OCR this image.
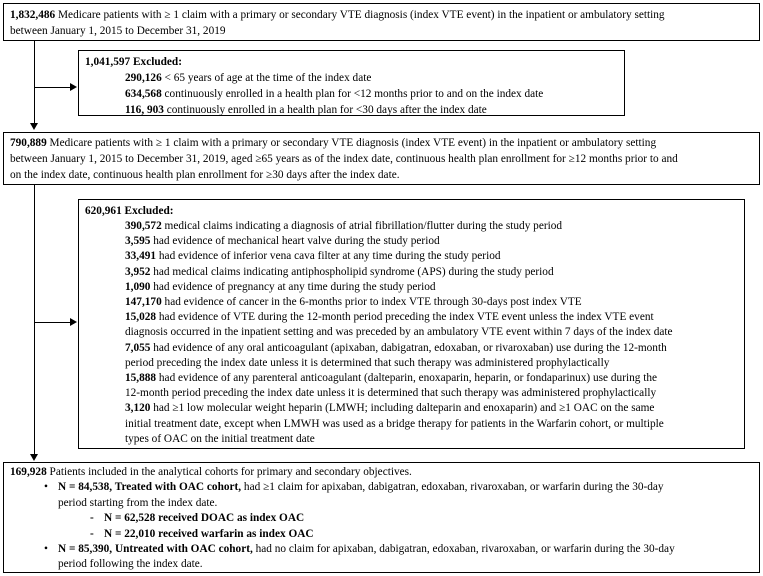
1,832,486 Medicare patients with ≥ 1 claim with a primary or secondary VTE diagnosis (index VTE event) in the inpatient or ambulatory setting
between January 1, 2015 to December 31, 2019
1,041,597 Excluded:
290,126 < 65 years of age at the time of the index date
634,568 continuously enrolled in a health plan for <12 months prior to and on the index date
116, 903 continuously enrolled in a health plan for <30 days after the index date
790,889 Medicare patients with ≥ 1 claim with a primary or secondary VTE diagnosis (index VTE event) in the inpatient or ambulatory setting
between January 1, 2015 to December 31, 2019, aged ≥65 years as of the index date, continuous health plan enrollment for ≥12 months prior to and
on the index date, continuous health plan enrollment for ≥30 days after the index date.
620,961 Excluded:
390,572 medical claims indicating a diagnosis of atrial fibrillation/flutter during the study period
3,595 had evidence of mechanical heart valve during the study period
33,491 had evidence of inferior vena cava filter at any time during the study period
3,952 had medical claims indicating antiphospholipid syndrome (APS) during the study period
1,090 had evidence of pregnancy at any time during the study period
147,170 had evidence of cancer in the 6-months prior to index VTE through 30-days post index VTE
15,028 had evidence of VTE during the 12-month period preceding the index VTE event unless the index VTE event
diagnosis occurred in the inpatient setting and was preceded by an ambulatory VTE event within 7 days of the index date
7,055 had evidence of any oral anticoagulant (apixaban, dabigatran, edoxaban, or rivaroxaban) use during the 12-month
period preceding the index date unless it is determined that such therapy was administered prophylactically
15,888 had evidence of any parenteral anticoagulant (dalteparin, enoxaparin, heparin, or fondaparinux) use during the
12-month period preceding the index date unless it is determined that such therapy was administered prophylactically
3,120 had ≥1 low molecular weight heparin (LMWH; including dalteparin and enoxaparin) and ≥1 OAC on the same
initial treatment date, except when LMWH was used as a bridge therapy for patients in the Warfarin cohort, or multiple
types of OAC on the initial treatment date
169,928 Patients included in the analytical cohorts for primary and secondary objectives.
• N = 84,538, Treated with OAC cohort, had ≥1 claim for apixaban, dabigatran, edoxaban, rivaroxaban, or warfarin during the 30-day
period starting from the index date.
- N = 62,528 received DOAC as index OAC
- N = 22,010 received warfarin as index OAC
• N = 85,390, Untreated with OAC cohort, had no claim for apixaban, dabigatran, edoxaban, rivaroxaban, or warfarin during the 30-day
period following the index date.
